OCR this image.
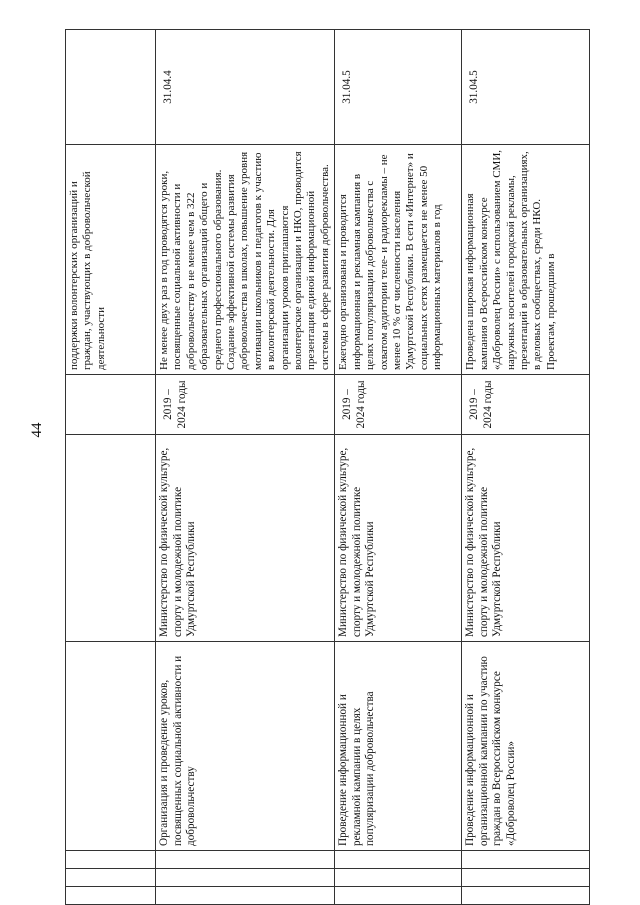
44
						поддержки волонтерских организаций и граждан, участвующих в добровольческой деятельности	
			Организация и проведение уроков, посвященных социальной активности и добровольчеству	Министерство по физической культуре, спорту и молодежной политике Удмуртской Республики	2019 – 2024 годы	Не менее двух раз в год проводятся уроки, посвященные социальной активности и добровольчеству в не менее чем в 322 образовательных организаций общего и среднего профессионального образования. Создание эффективной системы развития добровольчества в школах, повышение уровня мотивации школьников и педагогов к участию в волонтерской деятельности. Для организации уроков приглашаются волонтерские организации и НКО, проводится презентация единой информационной системы в сфере развития добровольчества.	31.04.4
			Проведение информационной и рекламной кампании в целях популяризации добровольчества	Министерство по физической культуре, спорту и молодежной политике Удмуртской Республики	2019 – 2024 годы	Ежегодно организована и проводится информационная и рекламная кампания в целях популяризации добровольчества с охватом аудитории теле- и радиорекламы – не менее 10 % от численности населения Удмуртской Республики. В сети «Интернет» и социальных сетях размещается не менее 50 информационных материалов в год	31.04.5
			Проведение информационной и организационной кампании по участию граждан во Всероссийском конкурсе «Доброволец России»	Министерство по физической культуре, спорту и молодежной политике Удмуртской Республики	2019 – 2024 годы	Проведена широкая информационная кампания о Всероссийском конкурсе «Доброволец России» с использованием СМИ, наружных носителей городской рекламы, презентаций в образовательных организациях, в деловых сообществах, среди НКО. Проектам, прошедшим в	31.04.5
